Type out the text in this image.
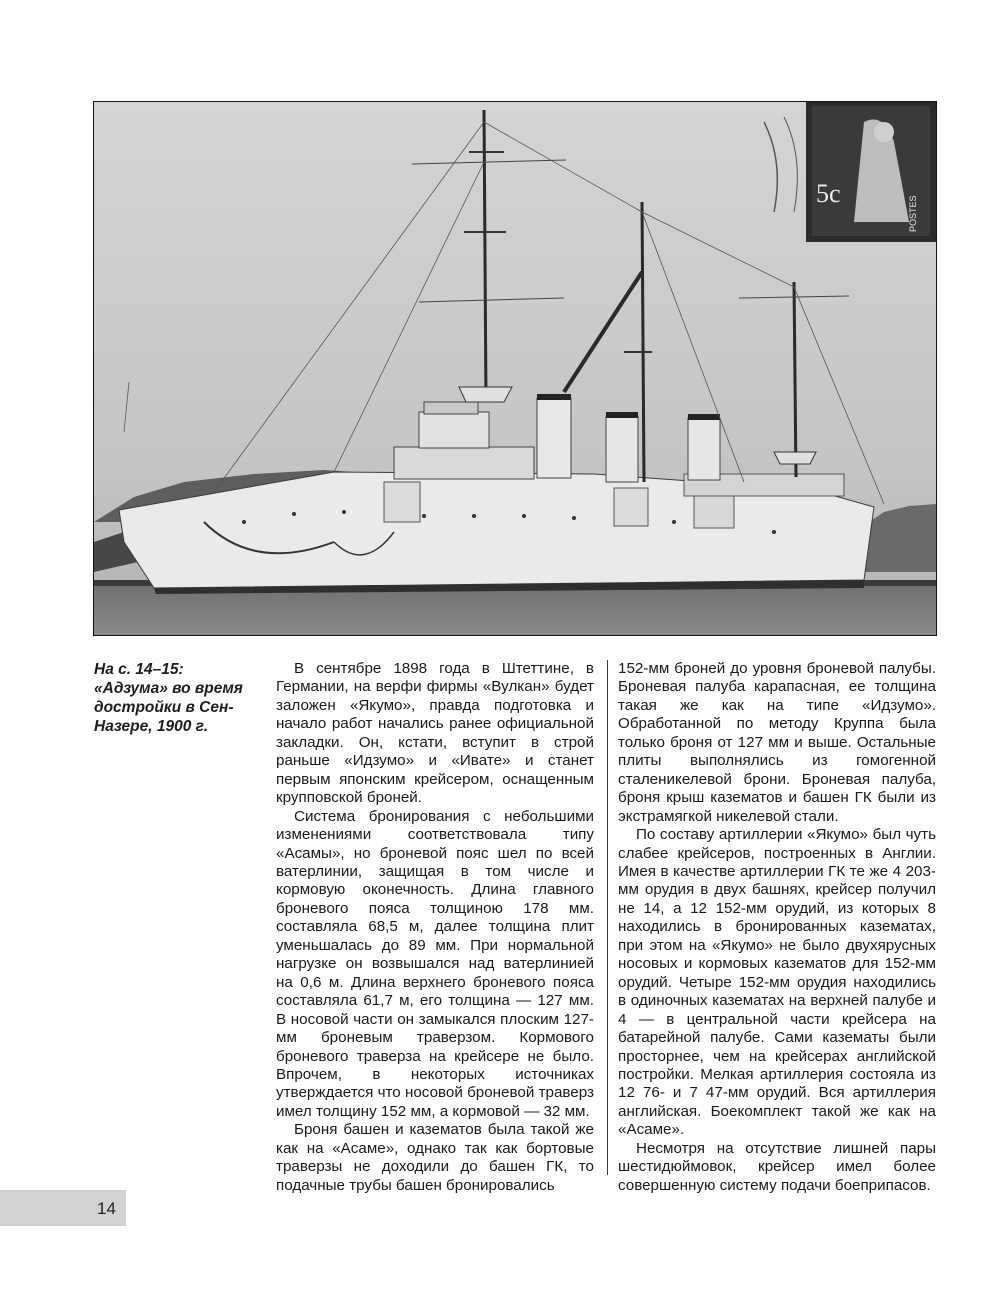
5c
POSTES
На с. 14–15:
«Адзума» во время
достройки в Сен-
Назере, 1900 г.

В сентябре 1898 года в Штеттине, в Германии, на верфи фирмы «Вулкан» будет заложен «Якумо», правда подготовка и начало работ начались ранее официальной закладки. Он, кстати, вступит в строй раньше «Идзумо» и «Ивате» и станет первым японским крейсером, оснащенным крупповской броней.

Система бронирования с небольшими изменениями соответствовала типу «Асамы», но броневой пояс шел по всей ватерлинии, защищая в том числе и кормовую оконечность. Длина главного броневого пояса толщиною 178 мм. составляла 68,5 м, далее толщина плит уменьшалась до 89 мм. При нормальной нагрузке он возвышался над ватерлинией на 0,6 м. Длина верхнего броневого пояса составляла 61,7 м, его толщина — 127 мм. В носовой части он замыкался плоским 127-мм броневым траверзом. Кормового броневого траверза на крейсере не было. Впрочем, в некоторых источниках утверждается что носовой броневой траверз имел толщину 152 мм, а кормовой — 32 мм.

Броня башен и казематов была такой же как на «Асаме», однако так как бортовые траверзы не доходили до башен ГК, то подачные трубы башен бронировались

152-мм броней до уровня броневой палубы. Броневая палуба карапасная, ее толщина такая же как на типе «Идзумо». Обработанной по методу Круппа была только броня от 127 мм и выше. Остальные плиты выполнялись из гомогенной сталеникелевой брони. Броневая палуба, броня крыш казематов и башен ГК были из экстрамягкой никелевой стали.

По составу артиллерии «Якумо» был чуть слабее крейсеров, построенных в Англии. Имея в качестве артиллерии ГК те же 4 203-мм орудия в двух башнях, крейсер получил не 14, а 12 152-мм орудий, из которых 8 находились в бронированных казематах, при этом на «Якумо» не было двухярусных носовых и кормовых казематов для 152-мм орудий. Четыре 152-мм орудия находились в одиночных казематах на верхней палубе и 4 — в центральной части крейсера на батарейной палубе. Сами казематы были просторнее, чем на крейсерах английской постройки. Мелкая артиллерия состояла из 12 76- и 7 47-мм орудий. Вся артиллерия английская. Боекомплект такой же как на «Асаме».

Несмотря на отсутствие лишней пары шестидюймовок, крейсер имел более совершенную систему подачи боеприпасов.

14
